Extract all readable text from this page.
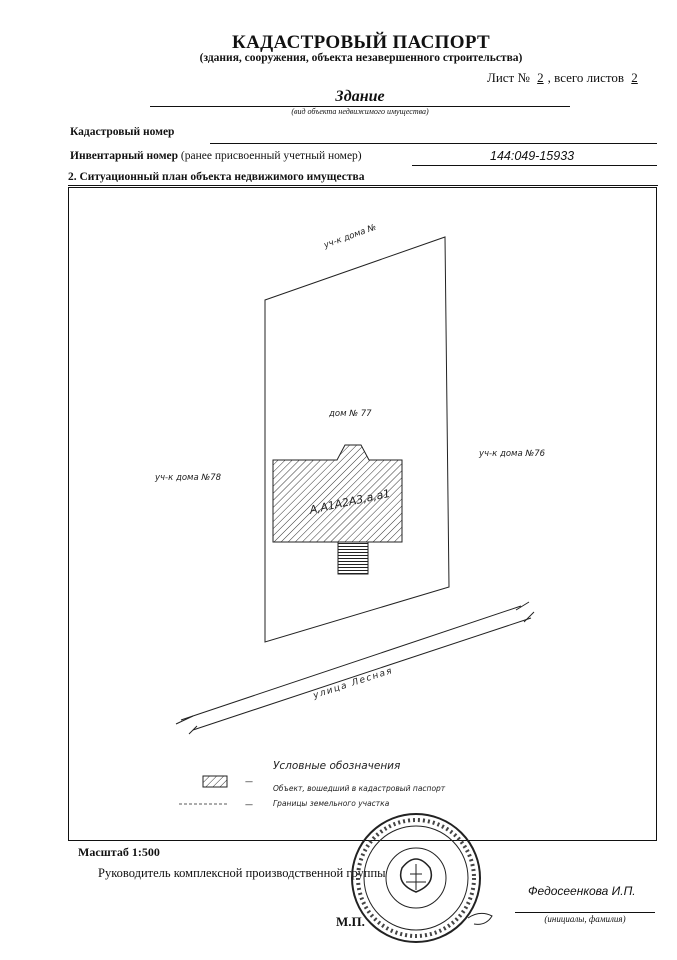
КАДАСТРОВЫЙ ПАСПОРТ
(здания, сооружения, объекта незавершенного строительства)
Лист № 2 , всего листов 2
Здание
(вид объекта недвижимого имущества)
Кадастровый номер
Инвентарный номер (ранее присвоенный учетный номер)	144:049-15933
2. Ситуационный план объекта недвижимого имущества
уч-к дома №
дом № 77
уч-к дома №78
уч-к дома №76
А,А1А2А3,а,а1
улица Лесная
Условные обозначения
—
Объект, вошедший в кадастровый паспорт
—	Границы земельного участка
Масштаб 1:500
Руководитель комплексной производственной группы
М.П.
Федосеенкова И.П.
(инициалы, фамилия)
